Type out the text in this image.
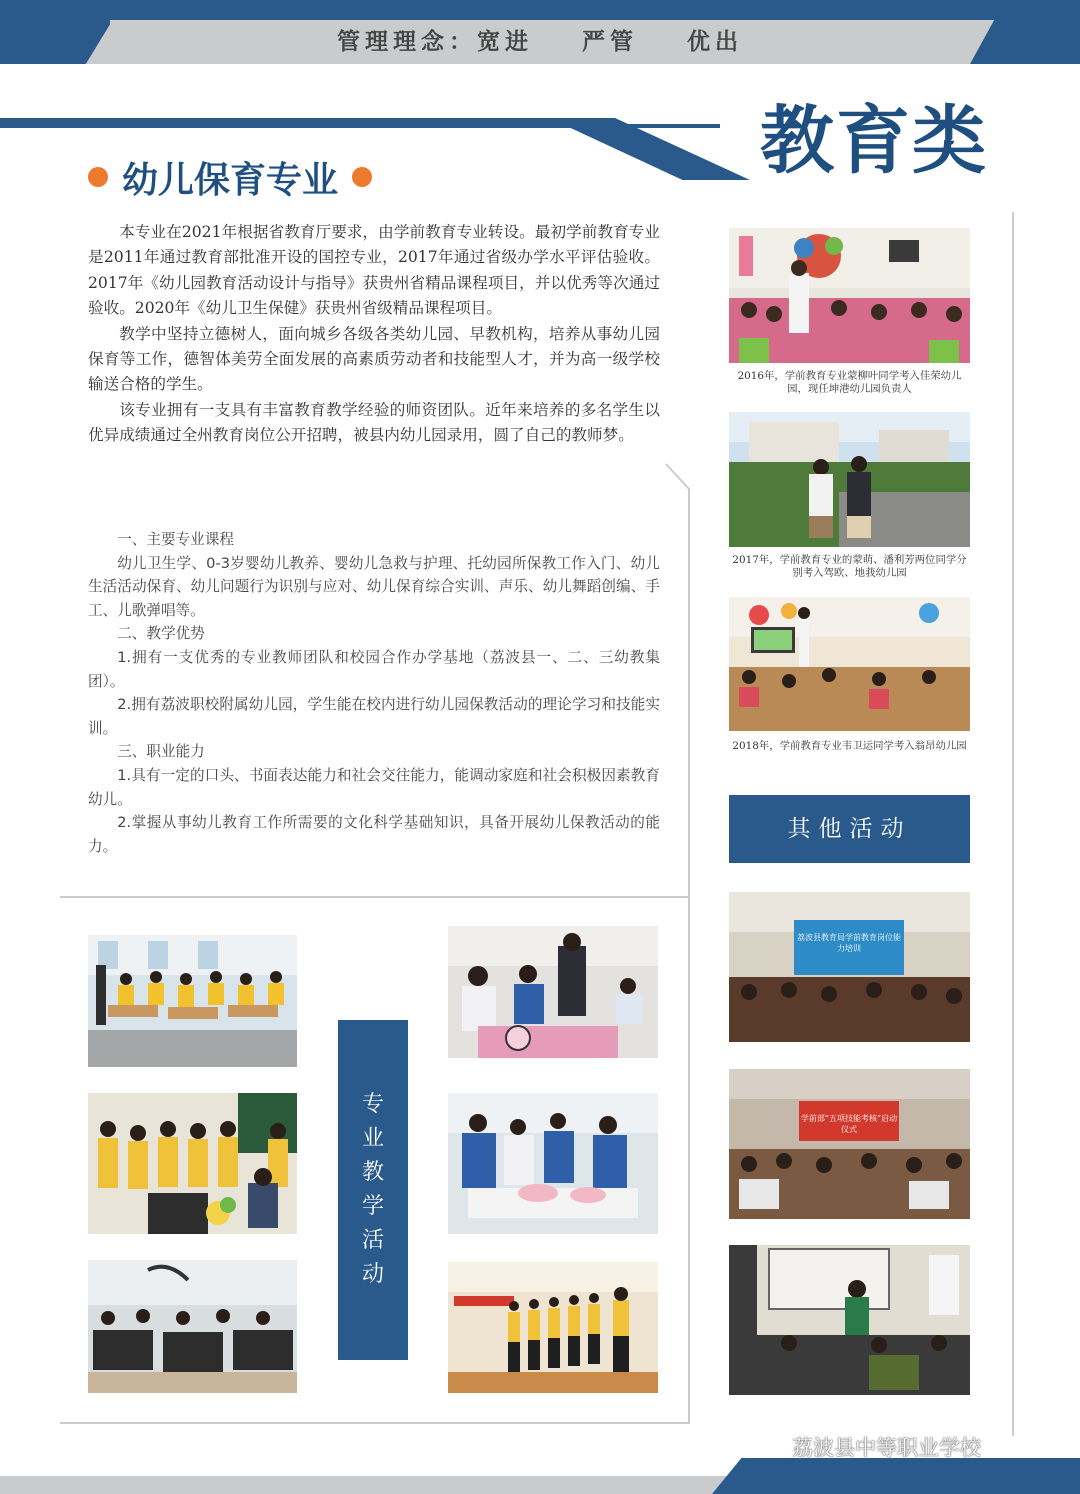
管理理念：宽进 严管 优出
教育类
幼儿保育专业

本专业在2021年根据省教育厅要求，由学前教育专业转设。最初学前教育专业是2011年通过教育部批准开设的国控专业，2017年通过省级办学水平评估验收。2017年《幼儿园教育活动设计与指导》获贵州省精品课程项目，并以优秀等次通过验收。2020年《幼儿卫生保健》获贵州省级精品课程项目。

教学中坚持立德树人，面向城乡各级各类幼儿园、早教机构，培养从事幼儿园保育等工作，德智体美劳全面发展的高素质劳动者和技能型人才，并为高一级学校输送合格的学生。

该专业拥有一支具有丰富教育教学经验的师资团队。近年来培养的多名学生以优异成绩通过全州教育岗位公开招聘，被县内幼儿园录用，圆了自己的教师梦。

一、主要专业课程

幼儿卫生学、0-3岁婴幼儿教养、婴幼儿急救与护理、托幼园所保教工作入门、幼儿生活活动保育、幼儿问题行为识别与应对、幼儿保育综合实训、声乐、幼儿舞蹈创编、手工、儿歌弹唱等。

二、教学优势

1.拥有一支优秀的专业教师团队和校园合作办学基地（荔波县一、二、三幼教集团）。

2.拥有荔波职校附属幼儿园，学生能在校内进行幼儿园保教活动的理论学习和技能实训。

三、职业能力

1.具有一定的口头、书面表达能力和社会交往能力，能调动家庭和社会积极因素教育幼儿。

2.掌握从事幼儿教育工作所需要的文化科学基础知识，具备开展幼儿保教活动的能力。

2016年，学前教育专业蒙柳叶同学考入佳荣幼儿园，现任坤港幼儿园负责人
2017年，学前教育专业的蒙萌、潘利芳两位同学分别考入驾欧、地莪幼儿园
2018年，学前教育专业韦卫运同学考入翁昂幼儿园
其他活动
荔波县教育局学前教育岗位能力培训
学前部“五项技能考核”启动仪式
专
业
教
学
活
动
荔波县中等职业学校
